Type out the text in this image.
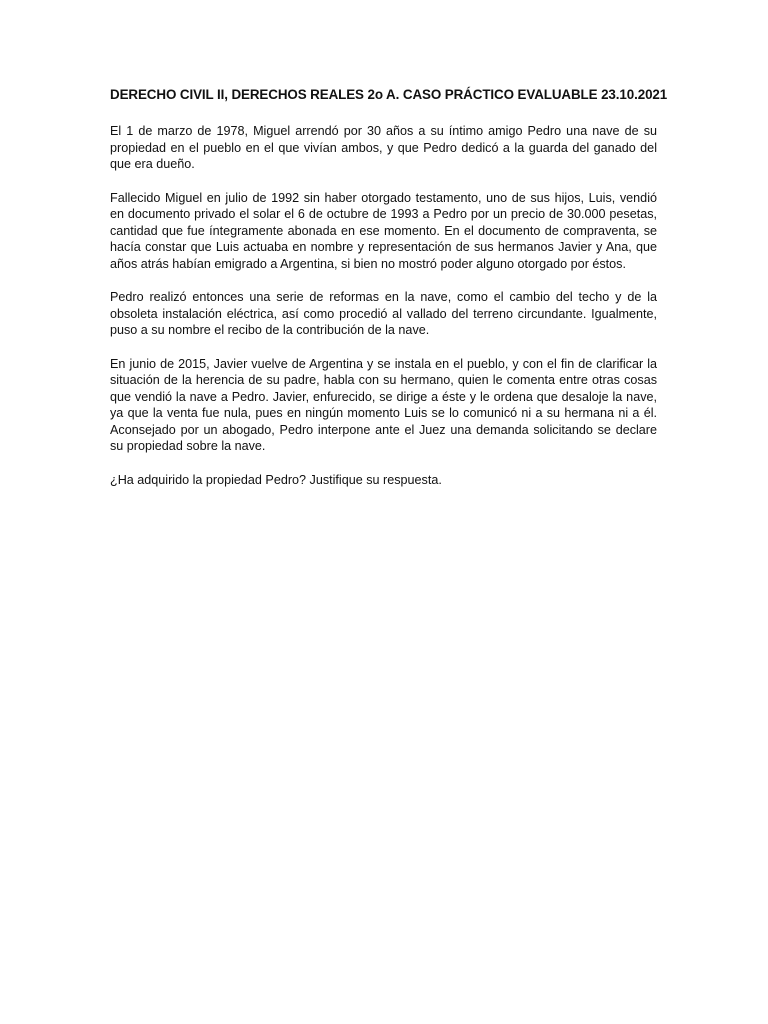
DERECHO CIVIL II, DERECHOS REALES 2o A. CASO PRÁCTICO EVALUABLE 23.10.2021

El 1 de marzo de 1978, Miguel arrendó por 30 años a su íntimo amigo Pedro una nave de su propiedad en el pueblo en el que vivían ambos, y que Pedro dedicó a la guarda del ganado del que era dueño.

Fallecido Miguel en julio de 1992 sin haber otorgado testamento, uno de sus hijos, Luis, vendió en documento privado el solar el 6 de octubre de 1993 a Pedro por un precio de 30.000 pesetas, cantidad que fue íntegramente abonada en ese momento. En el documento de compraventa, se hacía constar que Luis actuaba en nombre y representación de sus hermanos Javier y Ana, que años atrás habían emigrado a Argentina, si bien no mostró poder alguno otorgado por éstos.

Pedro realizó entonces una serie de reformas en la nave, como el cambio del techo y de la obsoleta instalación eléctrica, así como procedió al vallado del terreno circundante. Igualmente, puso a su nombre el recibo de la contribución de la nave.

En junio de 2015, Javier vuelve de Argentina y se instala en el pueblo, y con el fin de clarificar la situación de la herencia de su padre, habla con su hermano, quien le comenta entre otras cosas que vendió la nave a Pedro. Javier, enfurecido, se dirige a éste y le ordena que desaloje la nave, ya que la venta fue nula, pues en ningún momento Luis se lo comunicó ni a su hermana ni a él. Aconsejado por un abogado, Pedro interpone ante el Juez una demanda solicitando se declare su propiedad sobre la nave.

¿Ha adquirido la propiedad Pedro? Justifique su respuesta.
